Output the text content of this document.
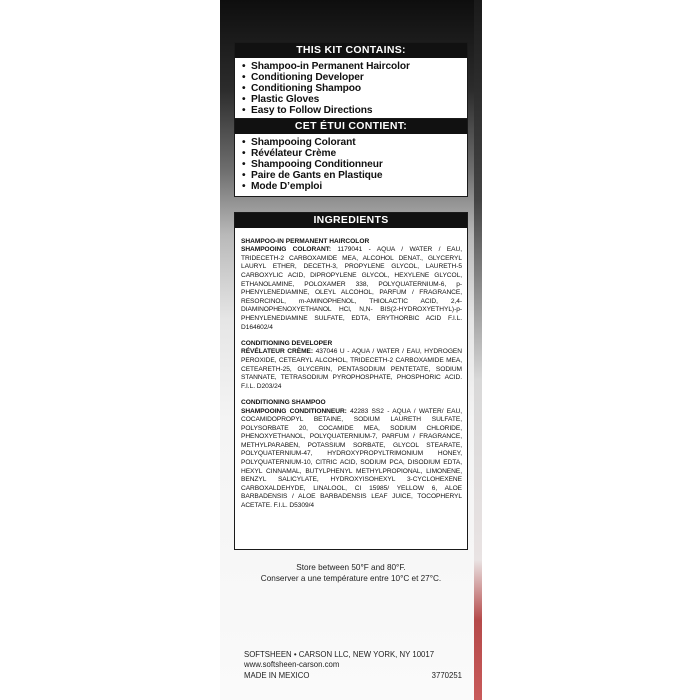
THIS KIT CONTAINS:
• Shampoo-in Permanent Haircolor
• Conditioning Developer
• Conditioning Shampoo
• Plastic Gloves
• Easy to Follow Directions
CET ÉTUI CONTIENT:
• Shampooing Colorant
• Révélateur Crème
• Shampooing Conditionneur
• Paire de Gants en Plastique
• Mode D’emploi
INGREDIENTS
SHAMPOO-IN PERMANENT HAIRCOLOR

SHAMPOOING COLORANT: 1179041 - AQUA / WATER / EAU, TRIDECETH-2 CARBOXAMIDE MEA, ALCOHOL DENAT., GLYCERYL LAURYL ETHER, DECETH-3, PROPYLENE GLYCOL, LAURETH-5 CARBOXYLIC ACID, DIPROPYLENE GLYCOL, HEXYLENE GLYCOL, ETHANOLAMINE, POLOXAMER 338, POLYQUATERNIUM-6, p-PHENYLENEDIAMINE, OLEYL ALCOHOL, PARFUM / FRAGRANCE, RESORCINOL, m-AMINOPHENOL, THIOLACTIC ACID, 2,4-DIAMINOPHENOXYETHANOL HCl, N,N- BIS(2-HYDROXYETHYL)-p-PHENYLENEDIAMINE SULFATE, EDTA, ERYTHORBIC ACID F.I.L. D164602/4

CONDITIONING DEVELOPER

RÉVÉLATEUR CRÈME: 437046 U - AQUA / WATER / EAU, HYDROGEN PEROXIDE, CETEARYL ALCOHOL, TRIDECETH-2 CARBOXAMIDE MEA, CETEARETH-25, GLYCERIN, PENTASODIUM PENTETATE, SODIUM STANNATE, TETRASODIUM PYROPHOSPHATE, PHOSPHORIC ACID. F.I.L. D203/24

CONDITIONING SHAMPOO

SHAMPOOING CONDITIONNEUR: 42283 SS2 - AQUA / WATER/ EAU, COCAMIDOPROPYL BETAINE, SODIUM LAURETH SULFATE, POLYSORBATE 20, COCAMIDE MEA, SODIUM CHLORIDE, PHENOXYETHANOL, POLYQUATERNIUM-7, PARFUM / FRAGRANCE, METHYLPARABEN, POTASSIUM SORBATE, GLYCOL STEARATE, POLYQUATERNIUM-47, HYDROXYPROPYLTRIMONIUM HONEY, POLYQUATERNIUM-10, CITRIC ACID, SODIUM PCA, DISODIUM EDTA, HEXYL CINNAMAL, BUTYLPHENYL METHYLPROPIONAL, LIMONENE, BENZYL SALICYLATE, HYDROXYISOHEXYL 3-CYCLOHEXENE CARBOXALDEHYDE, LINALOOL, CI 15985/ YELLOW 6, ALOE BARBADENSIS / ALOE BARBADENSIS LEAF JUICE, TOCOPHERYL ACETATE. F.I.L. D5309/4

Store between 50°F and 80°F.
Conserver a une température entre 10°C et 27°C.
SOFTSHEEN • CARSON LLC, NEW YORK, NY 10017
www.softsheen-carson.com
MADE IN MEXICO	3770251
